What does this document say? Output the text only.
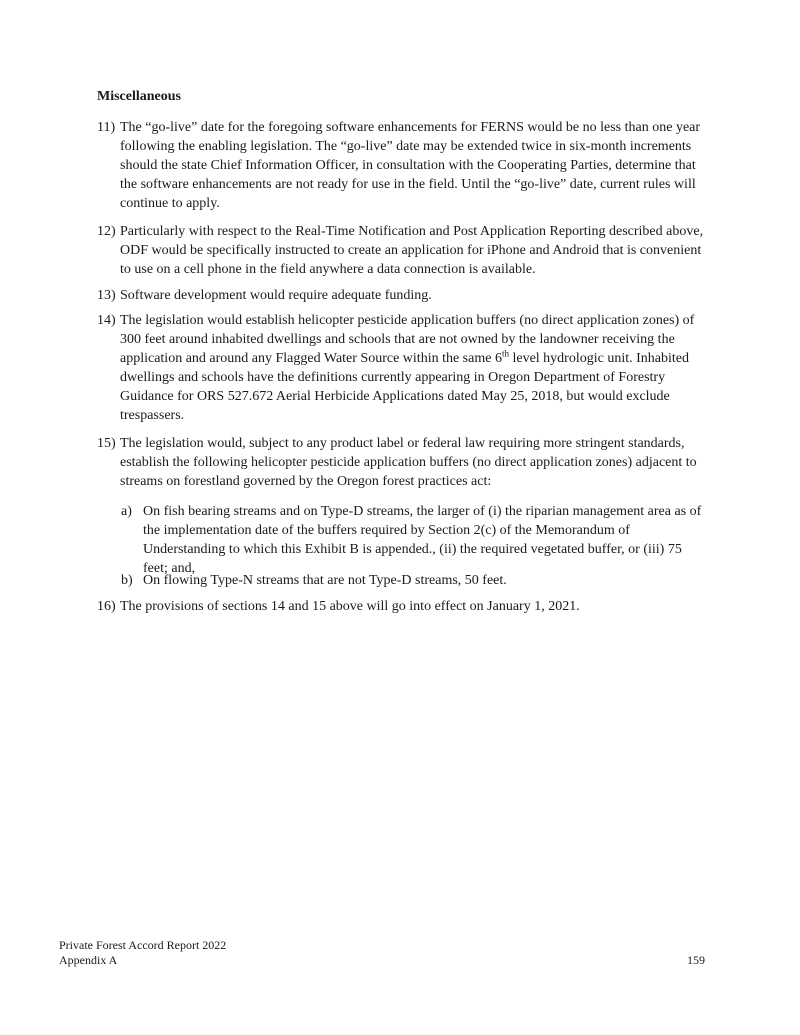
Miscellaneous
11) The “go-live” date for the foregoing software enhancements for FERNS would be no less than one year following the enabling legislation. The “go-live” date may be extended twice in six-month increments should the state Chief Information Officer, in consultation with the Cooperating Parties, determine that the software enhancements are not ready for use in the field. Until the “go-live” date, current rules will continue to apply.
12) Particularly with respect to the Real-Time Notification and Post Application Reporting described above, ODF would be specifically instructed to create an application for iPhone and Android that is convenient to use on a cell phone in the field anywhere a data connection is available.
13) Software development would require adequate funding.
14) The legislation would establish helicopter pesticide application buffers (no direct application zones) of 300 feet around inhabited dwellings and schools that are not owned by the landowner receiving the application and around any Flagged Water Source within the same 6th level hydrologic unit. Inhabited dwellings and schools have the definitions currently appearing in Oregon Department of Forestry Guidance for ORS 527.672 Aerial Herbicide Applications dated May 25, 2018, but would exclude trespassers.
15) The legislation would, subject to any product label or federal law requiring more stringent standards, establish the following helicopter pesticide application buffers (no direct application zones) adjacent to streams on forestland governed by the Oregon forest practices act:
a) On fish bearing streams and on Type-D streams, the larger of (i) the riparian management area as of the implementation date of the buffers required by Section 2(c) of the Memorandum of Understanding to which this Exhibit B is appended., (ii) the required vegetated buffer, or (iii) 75 feet; and,
b) On flowing Type-N streams that are not Type-D streams, 50 feet.
16) The provisions of sections 14 and 15 above will go into effect on January 1, 2021.
Private Forest Accord Report 2022
Appendix A	159
